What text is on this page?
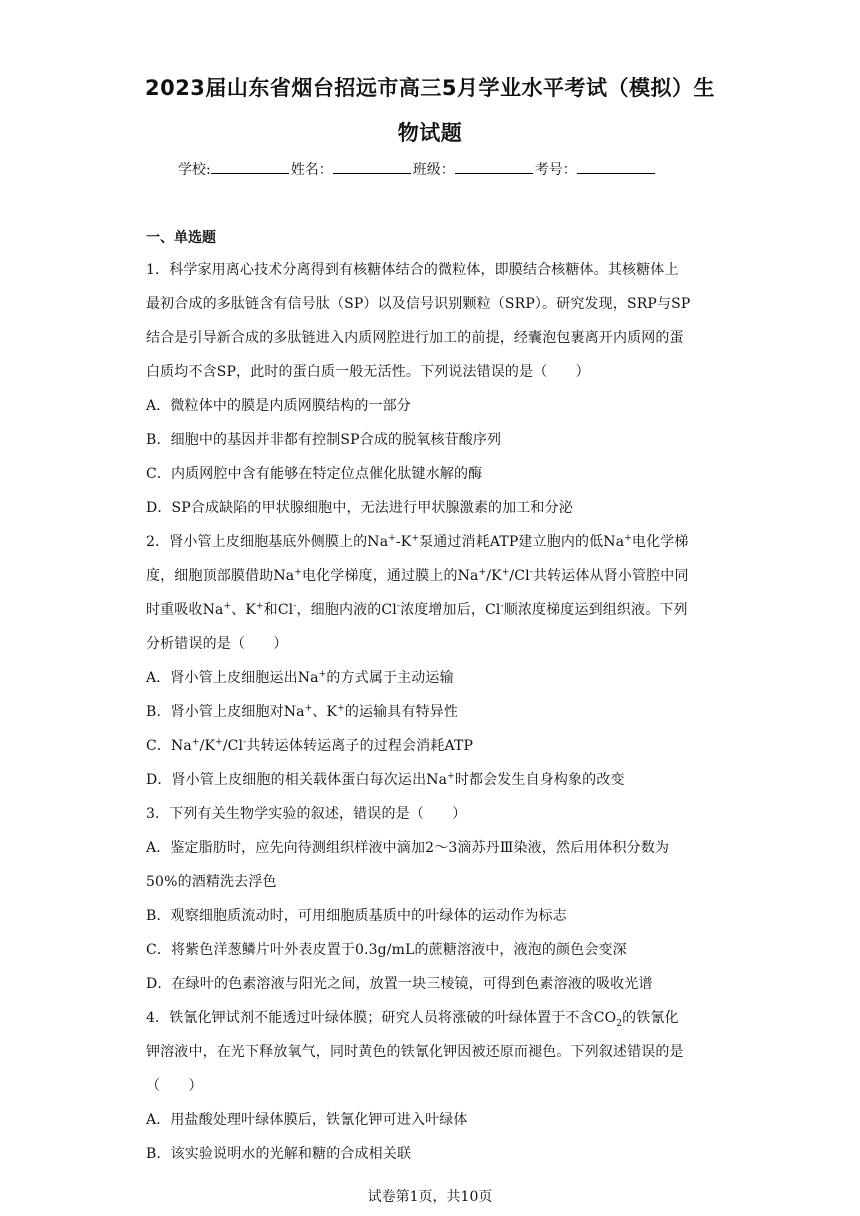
2023届山东省烟台招远市高三5月学业水平考试（模拟）生
物试题
学校:	姓名：	班级：	考号：
一、单选题
1．科学家用离心技术分离得到有核糖体结合的微粒体，即膜结合核糖体。其核糖体上
最初合成的多肽链含有信号肽（SP）以及信号识别颗粒（SRP）。研究发现，SRP与SP
结合是引导新合成的多肽链进入内质网腔进行加工的前提，经囊泡包裹离开内质网的蛋
白质均不含SP，此时的蛋白质一般无活性。下列说法错误的是（　　）
A．微粒体中的膜是内质网膜结构的一部分
B．细胞中的基因并非都有控制SP合成的脱氧核苷酸序列
C．内质网腔中含有能够在特定位点催化肽键水解的酶
D．SP合成缺陷的甲状腺细胞中，无法进行甲状腺激素的加工和分泌
2．肾小管上皮细胞基底外侧膜上的Na+-K+泵通过消耗ATP建立胞内的低Na+电化学梯
度，细胞顶部膜借助Na+电化学梯度，通过膜上的Na+/K+/Cl-共转运体从肾小管腔中同
时重吸收Na+、K+和Cl-，细胞内液的Cl-浓度增加后，Cl-顺浓度梯度运到组织液。下列
分析错误的是（　　）
A．肾小管上皮细胞运出Na+的方式属于主动运输
B．肾小管上皮细胞对Na+、K+的运输具有特异性
C．Na+/K+/Cl-共转运体转运离子的过程会消耗ATP
D．肾小管上皮细胞的相关载体蛋白每次运出Na+时都会发生自身构象的改变
3．下列有关生物学实验的叙述，错误的是（　　）
A．鉴定脂肪时，应先向待测组织样液中滴加2～3滴苏丹Ⅲ染液，然后用体积分数为
50%的酒精洗去浮色
B．观察细胞质流动时，可用细胞质基质中的叶绿体的运动作为标志
C．将紫色洋葱鳞片叶外表皮置于0.3g/mL的蔗糖溶液中，液泡的颜色会变深
D．在绿叶的色素溶液与阳光之间，放置一块三棱镜，可得到色素溶液的吸收光谱
4．铁氰化钾试剂不能透过叶绿体膜；研究人员将涨破的叶绿体置于不含$CO_2$的铁氰化
钾溶液中，在光下释放氧气，同时黄色的铁氰化钾因被还原而褪色。下列叙述错误的是
（　　）
A．用盐酸处理叶绿体膜后，铁氰化钾可进入叶绿体
B．该实验说明水的光解和糖的合成相关联
试卷第1页，共10页
